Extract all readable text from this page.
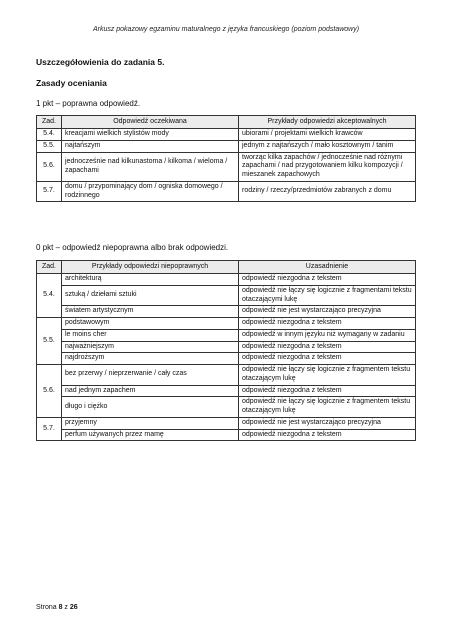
Arkusz pokazowy egzaminu maturalnego z języka francuskiego (poziom podstawowy)
Uszczegółowienia do zadania 5.
Zasady oceniania
1 pkt – poprawna odpowiedź.
Zad.	Odpowiedź oczekiwana	Przykłady odpowiedzi akceptowalnych
5.4.	kreacjami wielkich stylistów mody	ubiorami / projektami wielkich krawców
5.5.	najtańszym	jednym z najtańszych / mało kosztownym / tanim
5.6.	jednocześnie nad kilkunastoma / kilkoma / wieloma / zapachami	tworząc kilka zapachów / jednocześnie nad różnymi zapachami / nad przygotowaniem kilku kompozycji / mieszanek zapachowych
5.7.	domu / przypominający dom / ogniska domowego / rodzinnego	rodziny / rzeczy/przedmiotów zabranych z domu
0 pkt – odpowiedź niepoprawna albo brak odpowiedzi.
Zad.	Przykłady odpowiedzi niepoprawnych	Uzasadnienie
5.4.	architekturą	odpowiedź niezgodna z tekstem
	sztuką / dziełami sztuki	odpowiedź nie łączy się logicznie z fragmentami tekstu otaczającymi lukę
	światem artystycznym	odpowiedź nie jest wystarczająco precyzyjna
5.5.	podstawowym	odpowiedź niezgodna z tekstem
	le moins cher	odpowiedź w innym języku niż wymagany w zadaniu
	najważniejszym	odpowiedź niezgodna z tekstem
	najdroższym	odpowiedź niezgodna z tekstem
5.6.	bez przerwy / nieprzerwanie / cały czas	odpowiedź nie łączy się logicznie z fragmentem tekstu otaczającym lukę
	nad jednym zapachem	odpowiedź niezgodna z tekstem
	długo i ciężko	odpowiedź nie łączy się logicznie z fragmentem tekstu otaczającym lukę
5.7.	przyjemny	odpowiedź nie jest wystarczająco precyzyjna
	perfum używanych przez mamę	odpowiedź niezgodna z tekstem
Strona 8 z 26
